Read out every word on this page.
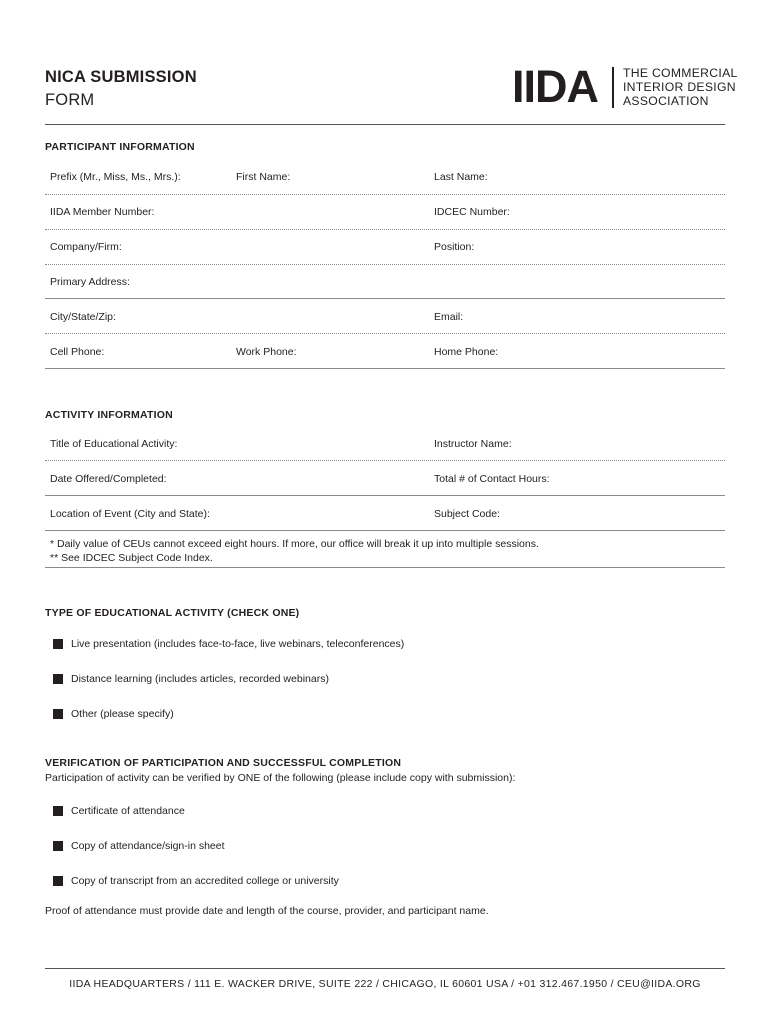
NICA SUBMISSION
FORM	IIDA THE COMMERCIAL
INTERIOR DESIGN
ASSOCIATION
PARTICIPANT INFORMATION
Prefix (Mr., Miss, Ms., Mrs.):	First Name:	Last Name:
IIDA Member Number:	IDCEC Number:
Company/Firm:	Position:
Primary Address:
City/State/Zip:	Email:
Cell Phone:	Work Phone:	Home Phone:
ACTIVITY INFORMATION
Title of Educational Activity:	Instructor Name:
Date Offered/Completed:	Total # of Contact Hours:
Location of Event (City and State):	Subject Code:
* Daily value of CEUs cannot exceed eight hours. If more, our office will break it up into multiple sessions.
** See IDCEC Subject Code Index.
TYPE OF EDUCATIONAL ACTIVITY (CHECK ONE)
Live presentation (includes face-to-face, live webinars, teleconferences)
Distance learning (includes articles, recorded webinars)
Other (please specify)
VERIFICATION OF PARTICIPATION AND SUCCESSFUL COMPLETION
Participation of activity can be verified by ONE of the following (please include copy with submission):
Certificate of attendance
Copy of attendance/sign-in sheet
Copy of transcript from an accredited college or university
Proof of attendance must provide date and length of the course, provider, and participant name.
IIDA HEADQUARTERS / 111 E. WACKER DRIVE, SUITE 222 / CHICAGO, IL 60601 USA / +01 312.467.1950 / CEU@IIDA.ORG
